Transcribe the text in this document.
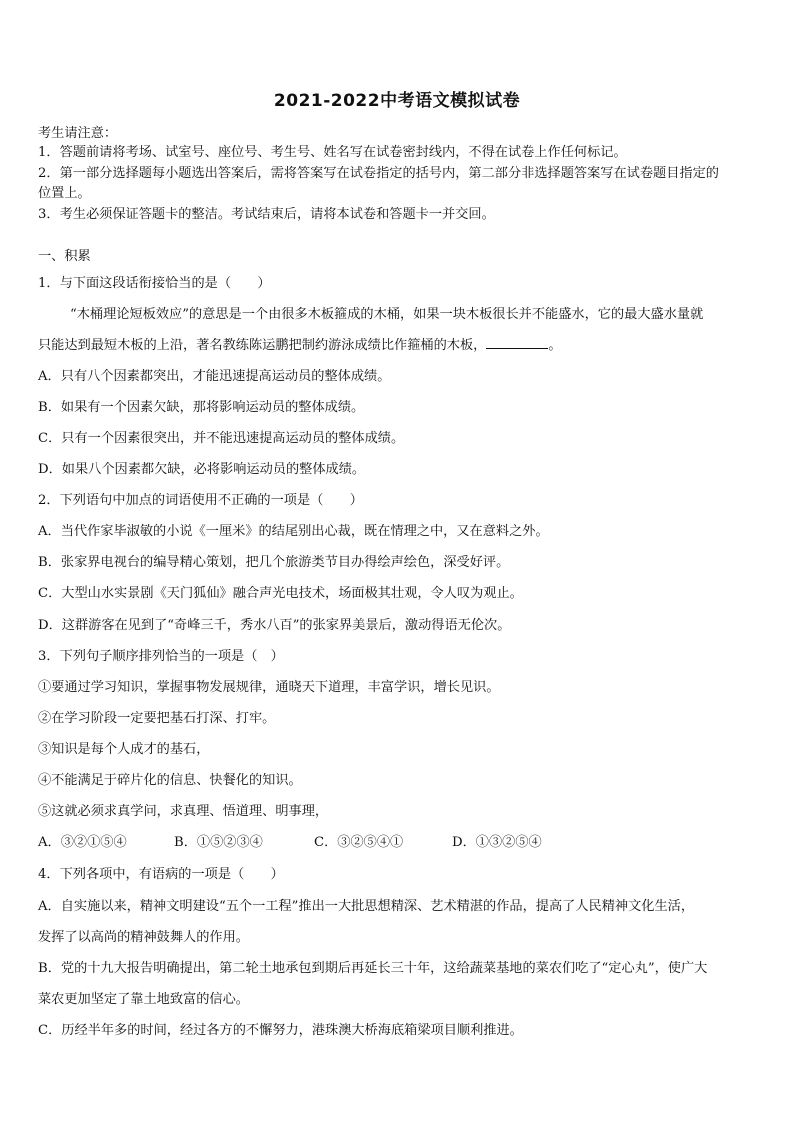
2021-2022中考语文模拟试卷
考生请注意：
1．答题前请将考场、试室号、座位号、考生号、姓名写在试卷密封线内，不得在试卷上作任何标记。
2．第一部分选择题每小题选出答案后，需将答案写在试卷指定的括号内，第二部分非选择题答案写在试卷题目指定的
位置上。
3．考生必须保证答题卡的整洁。考试结束后，请将本试卷和答题卡一并交回。
一、积累
1．与下面这段话衔接恰当的是（　　）
“木桶理论短板效应”的意思是一个由很多木板箍成的木桶，如果一块木板很长并不能盛水，它的最大盛水量就
只能达到最短木板的上沿，著名教练陈运鹏把制约游泳成绩比作箍桶的木板，	。
A．只有八个因素都突出，才能迅速提高运动员的整体成绩。
B．如果有一个因素欠缺，那将影响运动员的整体成绩。
C．只有一个因素很突出，并不能迅速提高运动员的整体成绩。
D．如果八个因素都欠缺，必将影响运动员的整体成绩。
2．下列语句中加点的词语使用不正确的一项是（　　）
A．当代作家毕淑敏的小说《一厘米》的结尾别出心裁，既在情理之中，又在意料之外。
B．张家界电视台的编导精心策划，把几个旅游类节目办得绘声绘色，深受好评。
C．大型山水实景剧《天门狐仙》融合声光电技术，场面极其壮观，令人叹为观止。
D．这群游客在见到了“奇峰三千，秀水八百”的张家界美景后，激动得语无伦次。
3．下列句子顺序排列恰当的一项是（　）
①要通过学习知识，掌握事物发展规律，通晓天下道理，丰富学识，增长见识。
②在学习阶段一定要把基石打深、打牢。
③知识是每个人成才的基石，
④不能满足于碎片化的信息、快餐化的知识。
⑤这就必须求真学问，求真理、悟道理、明事理，
A．③②①⑤④	B．①⑤②③④	C．③②⑤④①	D．①③②⑤④
4．下列各项中，有语病的一项是（　　）
A．自实施以来，精神文明建设“五个一工程”推出一大批思想精深、艺术精湛的作品，提高了人民精神文化生活，
发挥了以高尚的精神鼓舞人的作用。
B．党的十九大报告明确提出，第二轮土地承包到期后再延长三十年，这给蔬菜基地的菜农们吃了“定心丸”，使广大
菜农更加坚定了靠土地致富的信心。
C．历经半年多的时间，经过各方的不懈努力，港珠澳大桥海底箱梁项目顺利推进。
